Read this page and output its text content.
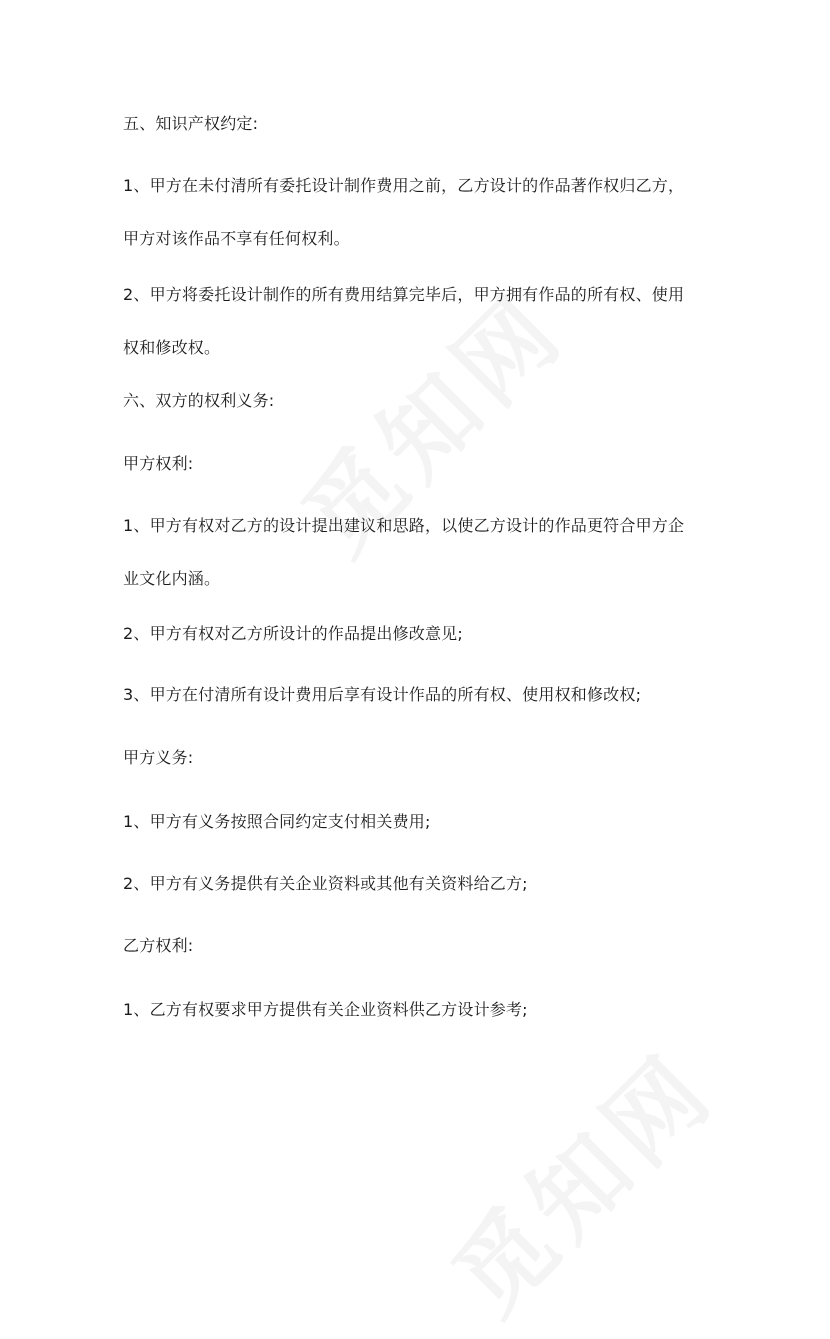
五、知识产权约定:

1、甲方在未付清所有委托设计制作费用之前，乙方设计的作品著作权归乙方，
甲方对该作品不享有任何权利。

2、甲方将委托设计制作的所有费用结算完毕后，甲方拥有作品的所有权、使用
权和修改权。

六、双方的权利义务:

甲方权利:

1、甲方有权对乙方的设计提出建议和思路，以使乙方设计的作品更符合甲方企
业文化内涵。

2、甲方有权对乙方所设计的作品提出修改意见;

3、甲方在付清所有设计费用后享有设计作品的所有权、使用权和修改权;

甲方义务:

1、甲方有义务按照合同约定支付相关费用;

2、甲方有义务提供有关企业资料或其他有关资料给乙方;

乙方权利:

1、乙方有权要求甲方提供有关企业资料供乙方设计参考;
